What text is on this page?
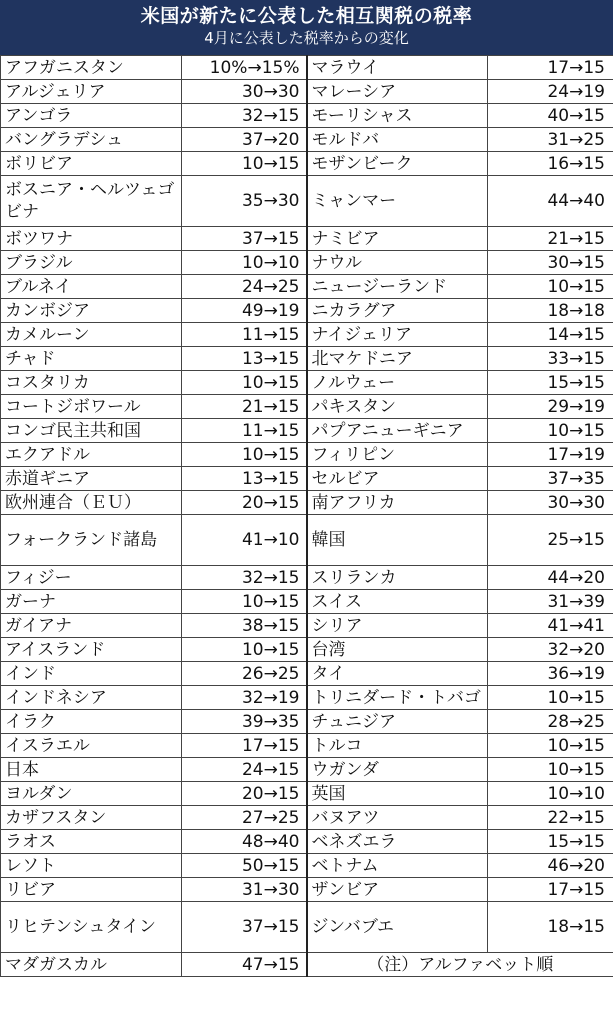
米国が新たに公表した相互関税の税率
4月に公表した税率からの変化
アフガニスタン	10%→15%	マラウイ	17→15
アルジェリア	30→30	マレーシア	24→19
アンゴラ	32→15	モーリシャス	40→15
バングラデシュ	37→20	モルドバ	31→25
ボリビア	10→15	モザンビーク	16→15
ボスニア・ヘルツェゴビナ	35→30	ミャンマー	44→40
ボツワナ	37→15	ナミビア	21→15
ブラジル	10→10	ナウル	30→15
ブルネイ	24→25	ニュージーランド	10→15
カンボジア	49→19	ニカラグア	18→18
カメルーン	11→15	ナイジェリア	14→15
チャド	13→15	北マケドニア	33→15
コスタリカ	10→15	ノルウェー	15→15
コートジボワール	21→15	パキスタン	29→19
コンゴ民主共和国	11→15	パプアニューギニア	10→15
エクアドル	10→15	フィリピン	17→19
赤道ギニア	13→15	セルビア	37→35
欧州連合（ＥＵ）	20→15	南アフリカ	30→30
フォークランド諸島	41→10	韓国	25→15
フィジー	32→15	スリランカ	44→20
ガーナ	10→15	スイス	31→39
ガイアナ	38→15	シリア	41→41
アイスランド	10→15	台湾	32→20
インド	26→25	タイ	36→19
インドネシア	32→19	トリニダード・トバゴ	10→15
イラク	39→35	チュニジア	28→25
イスラエル	17→15	トルコ	10→15
日本	24→15	ウガンダ	10→15
ヨルダン	20→15	英国	10→10
カザフスタン	27→25	バヌアツ	22→15
ラオス	48→40	ベネズエラ	15→15
レソト	50→15	ベトナム	46→20
リビア	31→30	ザンビア	17→15
リヒテンシュタイン	37→15	ジンバブエ	18→15
マダガスカル	47→15	（注）アルファベット順	
